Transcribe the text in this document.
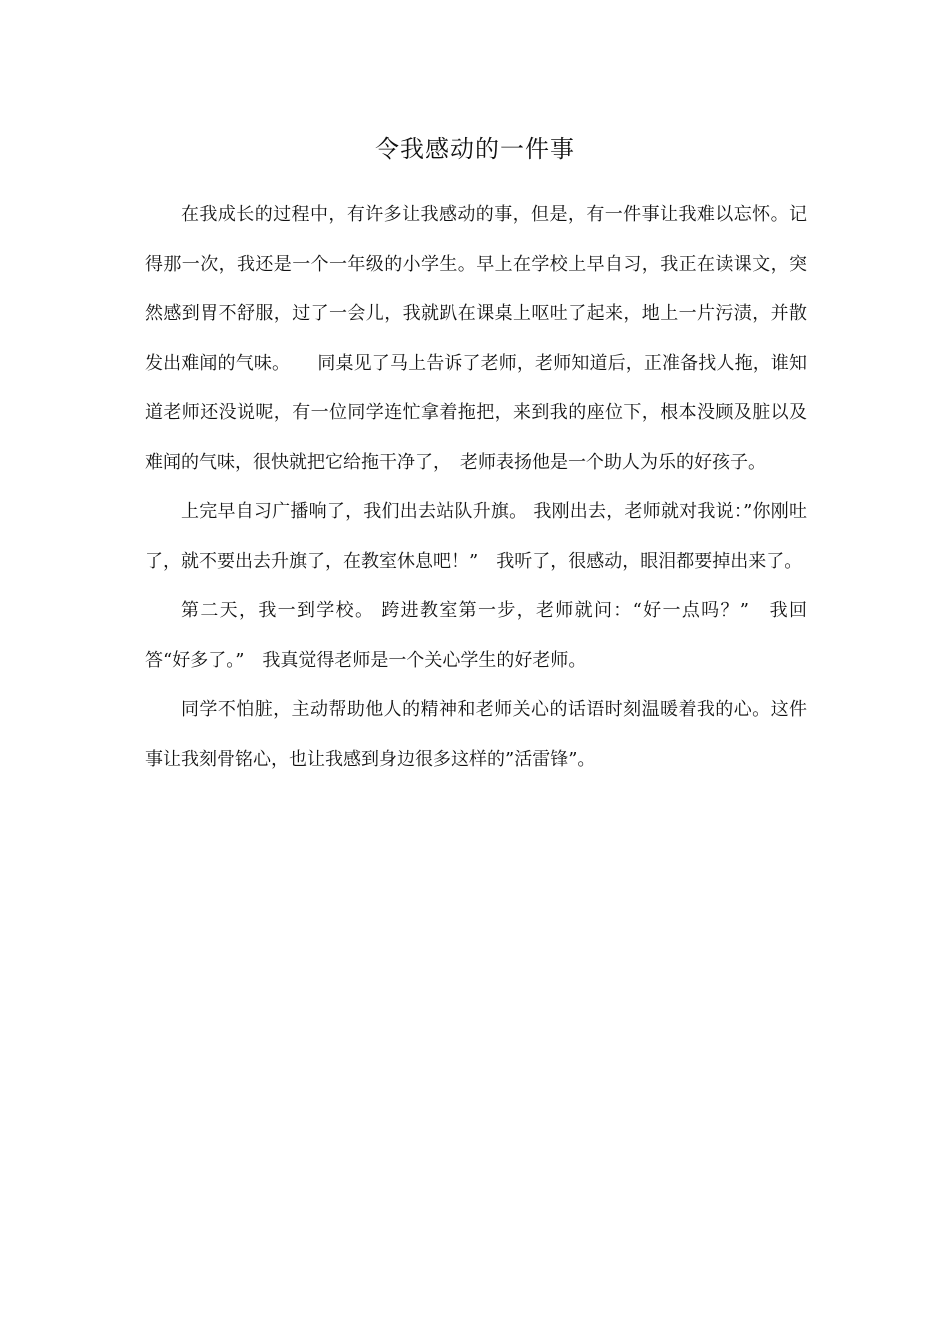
令我感动的一件事

在我成长的过程中，有许多让我感动的事，但是，有一件事让我难以忘怀。记得那一次，我还是一个一年级的小学生。早上在学校上早自习，我正在读课文，突然感到胃不舒服，过了一会儿，我就趴在课桌上呕吐了起来，地上一片污渍，并散发出难闻的气味。　　同桌见了马上告诉了老师，老师知道后，正准备找人拖，谁知道老师还没说呢，有一位同学连忙拿着拖把，来到我的座位下，根本没顾及脏以及难闻的气味，很快就把它给拖干净了，　老师表扬他是一个助人为乐的好孩子。

上完早自习广播响了，我们出去站队升旗。 我刚出去，老师就对我说：”你刚吐了，就不要出去升旗了，在教室休息吧！”　我听了，很感动，眼泪都要掉出来了。

第二天，我一到学校。 跨进教室第一步，老师就问：“好一点吗？”　我回答“好多了。”　我真觉得老师是一个关心学生的好老师。

同学不怕脏，主动帮助他人的精神和老师关心的话语时刻温暖着我的心。这件事让我刻骨铭心，也让我感到身边很多这样的”活雷锋”。
